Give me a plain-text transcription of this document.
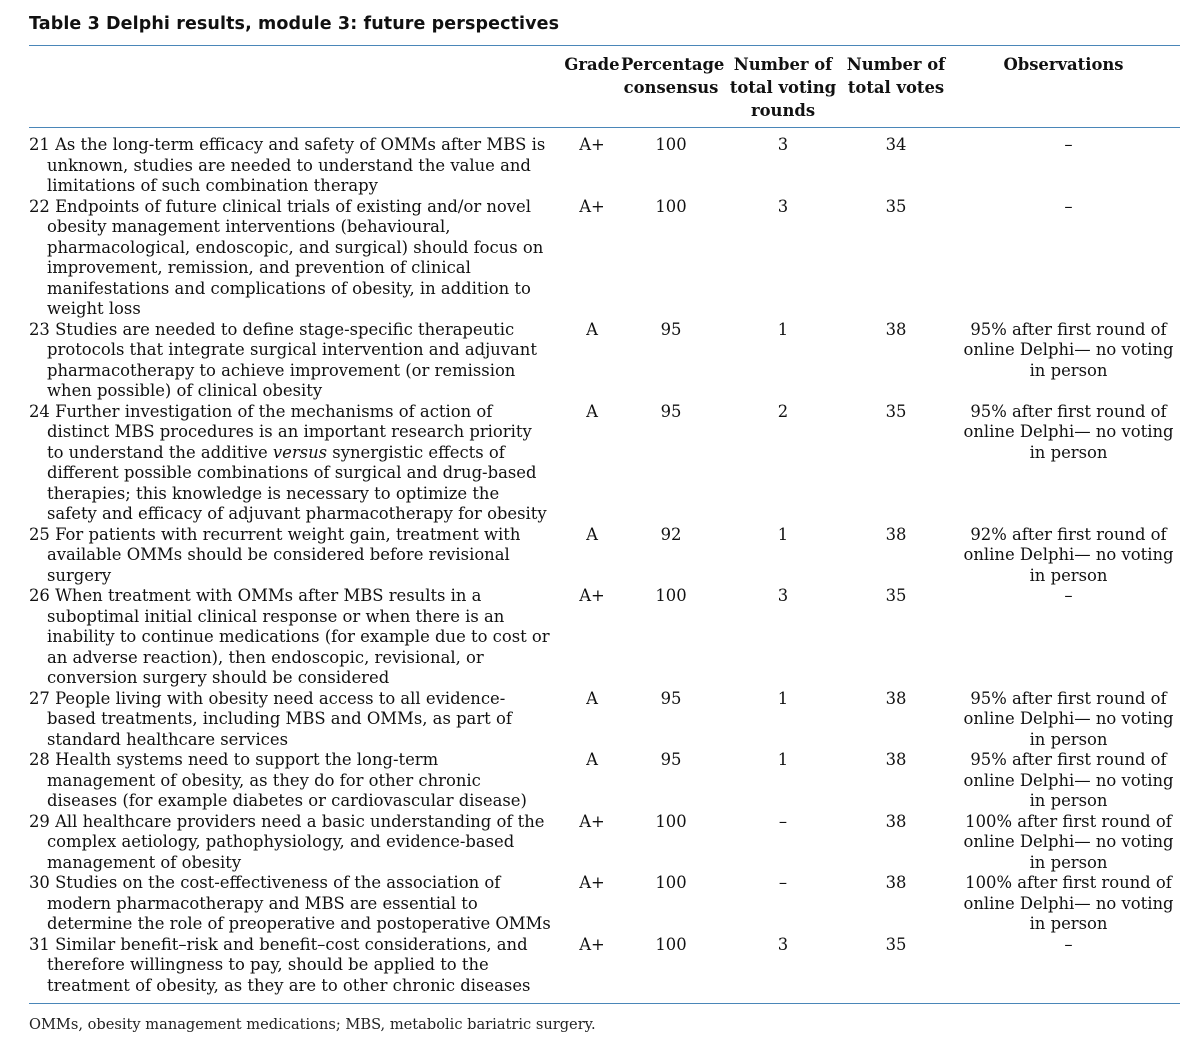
Table 3 Delphi results, module 3: future perspectives
	Grade	Percentage consensus	Number of total voting rounds	Number of total votes	Observations
21 As the long-term efficacy and safety of OMMs after MBS is unknown, studies are needed to understand the value and limitations of such combination therapy	A+	100	3	34	–
22 Endpoints of future clinical trials of existing and/or novel obesity management interventions (behavioural, pharmacological, endoscopic, and surgical) should focus on improvement, remission, and prevention of clinical manifestations and complications of obesity, in addition to weight loss	A+	100	3	35	–
23 Studies are needed to define stage-specific therapeutic protocols that integrate surgical intervention and adjuvant pharmacotherapy to achieve improvement (or remission when possible) of clinical obesity	A	95	1	38	95% after first round of online Delphi— no voting in person
24 Further investigation of the mechanisms of action of distinct MBS procedures is an important research priority to understand the additive versus synergistic effects of different possible combinations of surgical and drug-based therapies; this knowledge is necessary to optimize the safety and efficacy of adjuvant pharmacotherapy for obesity	A	95	2	35	95% after first round of online Delphi— no voting in person
25 For patients with recurrent weight gain, treatment with available OMMs should be considered before revisional surgery	A	92	1	38	92% after first round of online Delphi— no voting in person
26 When treatment with OMMs after MBS results in a suboptimal initial clinical response or when there is an inability to continue medications (for example due to cost or an adverse reaction), then endoscopic, revisional, or conversion surgery should be considered	A+	100	3	35	–
27 People living with obesity need access to all evidence-based treatments, including MBS and OMMs, as part of standard healthcare services	A	95	1	38	95% after first round of online Delphi— no voting in person
28 Health systems need to support the long-term management of obesity, as they do for other chronic diseases (for example diabetes or cardiovascular disease)	A	95	1	38	95% after first round of online Delphi— no voting in person
29 All healthcare providers need a basic understanding of the complex aetiology, pathophysiology, and evidence-based management of obesity	A+	100	–	38	100% after first round of online Delphi— no voting in person
30 Studies on the cost-effectiveness of the association of modern pharmacotherapy and MBS are essential to determine the role of preoperative and postoperative OMMs	A+	100	–	38	100% after first round of online Delphi— no voting in person
31 Similar benefit–risk and benefit–cost considerations, and therefore willingness to pay, should be applied to the treatment of obesity, as they are to other chronic diseases	A+	100	3	35	–
OMMs, obesity management medications; MBS, metabolic bariatric surgery.
